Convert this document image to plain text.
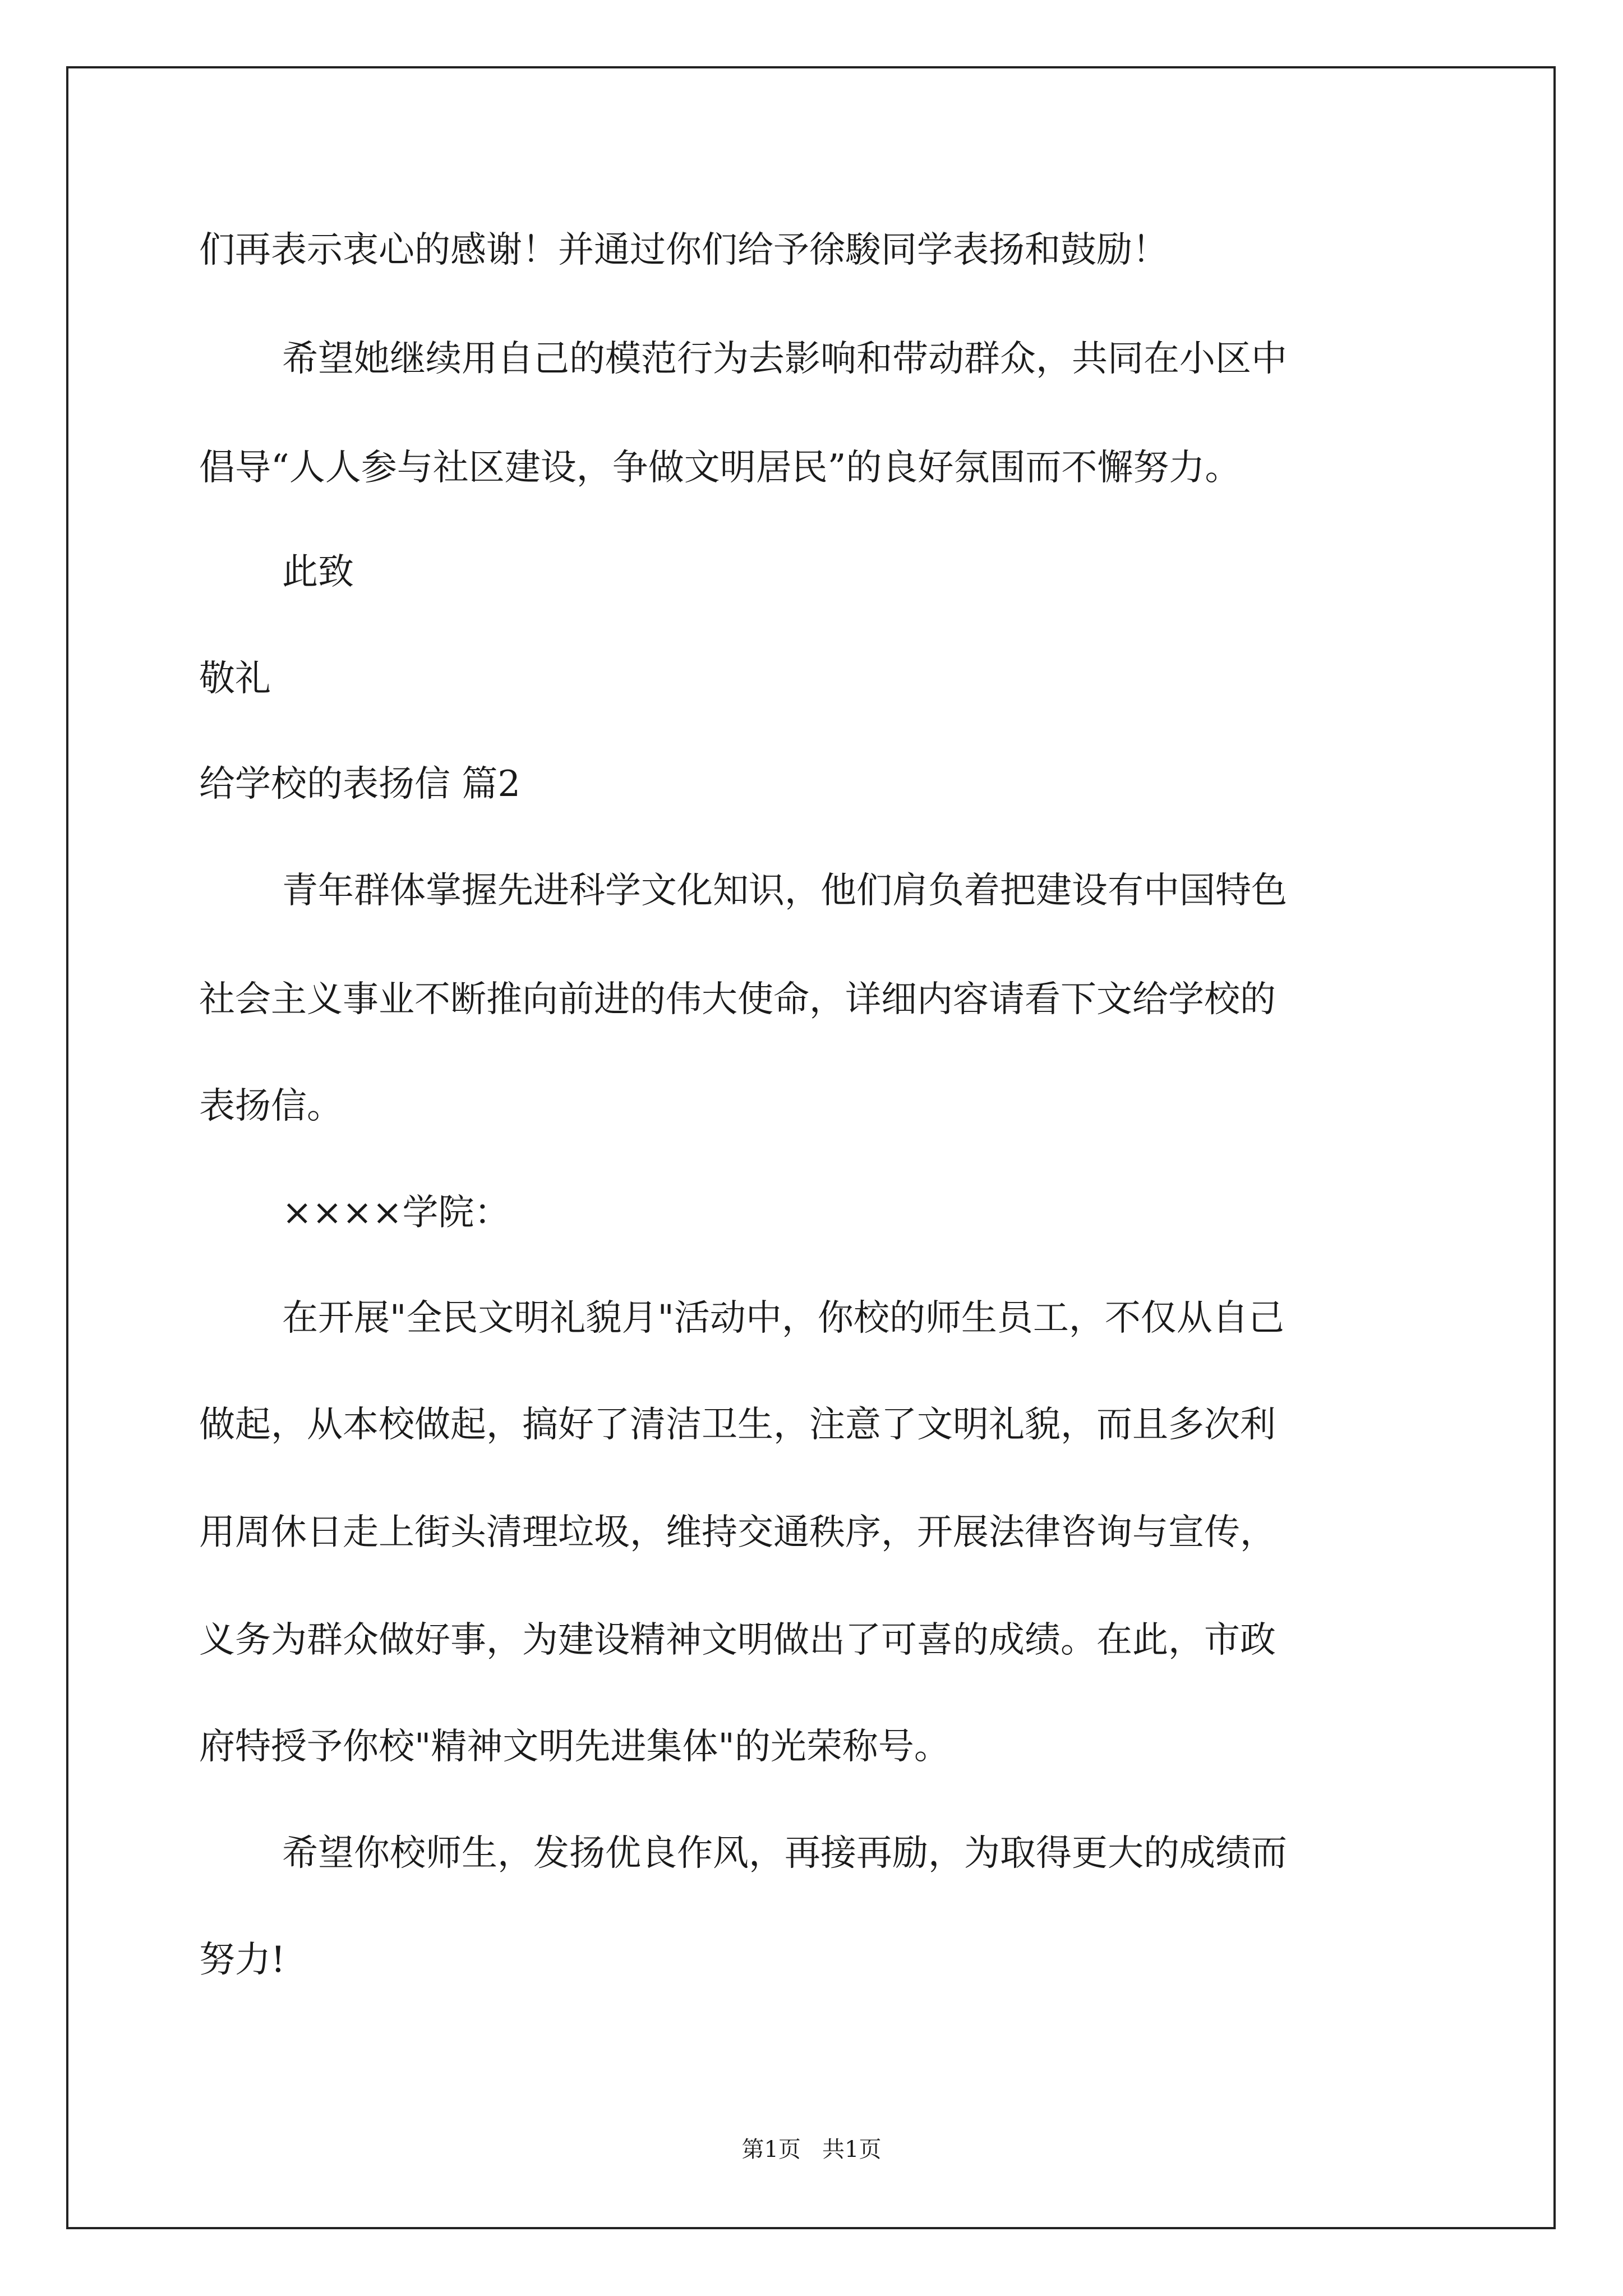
们再表示衷心的感谢！并通过你们给予徐駿同学表扬和鼓励！
希望她继续用自己的模范行为去影响和带动群众，共同在小区中
倡导“人人参与社区建设，争做文明居民”的良好氛围而不懈努力。
此致
敬礼
给学校的表扬信 篇2
青年群体掌握先进科学文化知识，他们肩负着把建设有中国特色
社会主义事业不断推向前进的伟大使命，详细内容请看下文给学校的
表扬信。
××××学院：
在开展"全民文明礼貌月"活动中，你校的师生员工，不仅从自己
做起，从本校做起，搞好了清洁卫生，注意了文明礼貌，而且多次利
用周休日走上街头清理垃圾，维持交通秩序，开展法律咨询与宣传，
义务为群众做好事，为建设精神文明做出了可喜的成绩。在此，市政
府特授予你校"精神文明先进集体"的光荣称号。
希望你校师生，发扬优良作风，再接再励，为取得更大的成绩而
努力!
第1页   共1页
